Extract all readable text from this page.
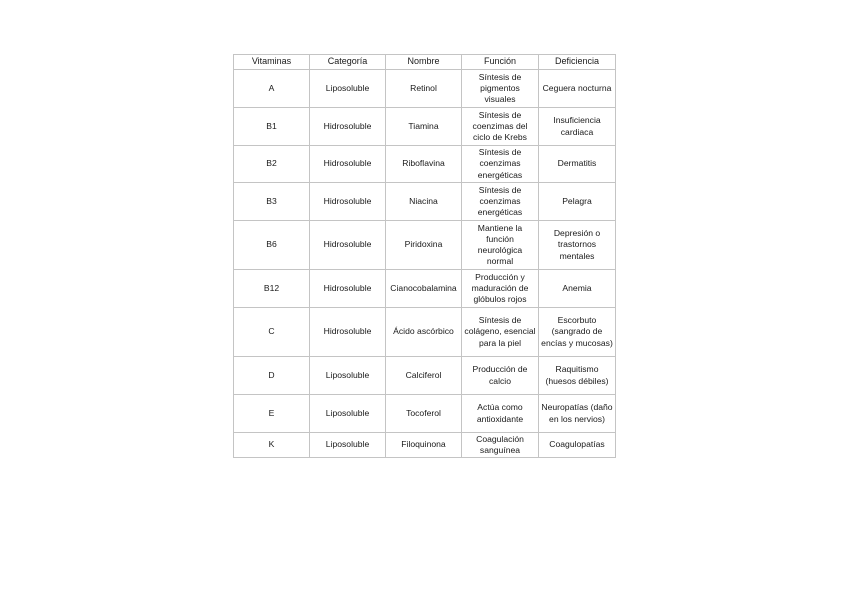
Vitaminas	Categoría	Nombre	Función	Deficiencia
A	Liposoluble	Retinol	Síntesis de pigmentos visuales	Ceguera nocturna
B1	Hidrosoluble	Tiamina	Síntesis de coenzimas del ciclo de Krebs	Insuficiencia cardiaca
B2	Hidrosoluble	Riboflavina	Síntesis de coenzimas energéticas	Dermatitis
B3	Hidrosoluble	Niacina	Síntesis de coenzimas energéticas	Pelagra
B6	Hidrosoluble	Piridoxina	Mantiene la función neurológica normal	Depresión o trastornos mentales
B12	Hidrosoluble	Cianocobalamina	Producción y maduración de glóbulos rojos	Anemia
C	Hidrosoluble	Ácido ascórbico	Síntesis de colágeno, esencial para la piel	Escorbuto (sangrado de encías y mucosas)
D	Liposoluble	Calciferol	Producción de calcio	Raquitismo (huesos débiles)
E	Liposoluble	Tocoferol	Actúa como antioxidante	Neuropatías (daño en los nervios)
K	Liposoluble	Filoquinona	Coagulación sanguínea	Coagulopatías
